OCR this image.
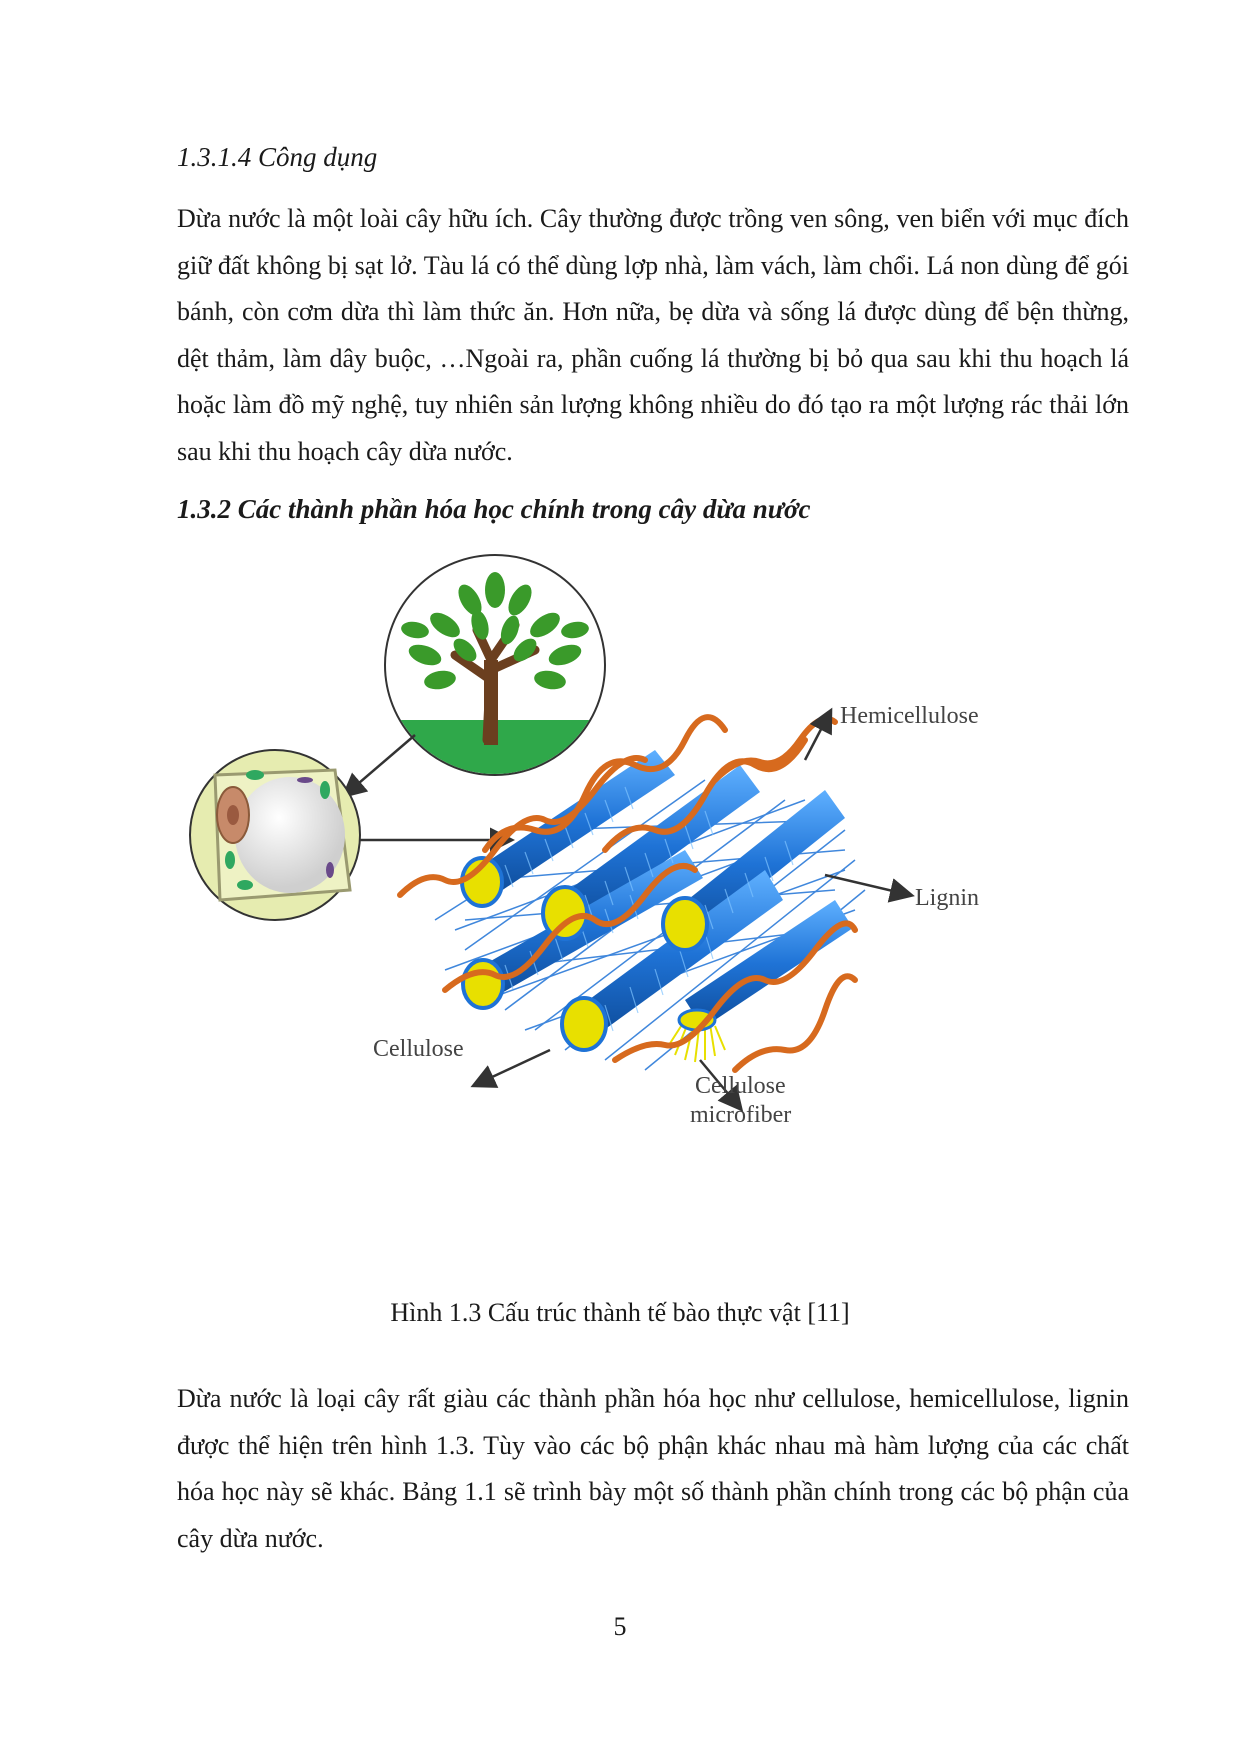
1.3.1.4 Công dụng

Dừa nước là một loài cây hữu ích. Cây thường được trồng ven sông, ven biển với mục đích giữ đất không bị sạt lở. Tàu lá có thể dùng lợp nhà, làm vách, làm chổi. Lá non dùng để gói bánh, còn cơm dừa thì làm thức ăn. Hơn nữa, bẹ dừa và sống lá được dùng để bện thừng, dệt thảm, làm dây buộc, …Ngoài ra, phần cuống lá thường bị bỏ qua sau khi thu hoạch lá hoặc làm đồ mỹ nghệ, tuy nhiên sản lượng không nhiều do đó tạo ra một lượng rác thải lớn sau khi thu hoạch cây dừa nước.

1.3.2 Các thành phần hóa học chính trong cây dừa nước
Hemicellulose
Lignin
Cellulose
Cellulose
microfiber
Hình 1.3 Cấu trúc thành tế bào thực vật [11]

Dừa nước là loại cây rất giàu các thành phần hóa học như cellulose, hemicellulose, lignin được thể hiện trên hình 1.3. Tùy vào các bộ phận khác nhau mà hàm lượng của các chất hóa học này sẽ khác. Bảng 1.1 sẽ trình bày một số thành phần chính trong các bộ phận của cây dừa nước.

5
